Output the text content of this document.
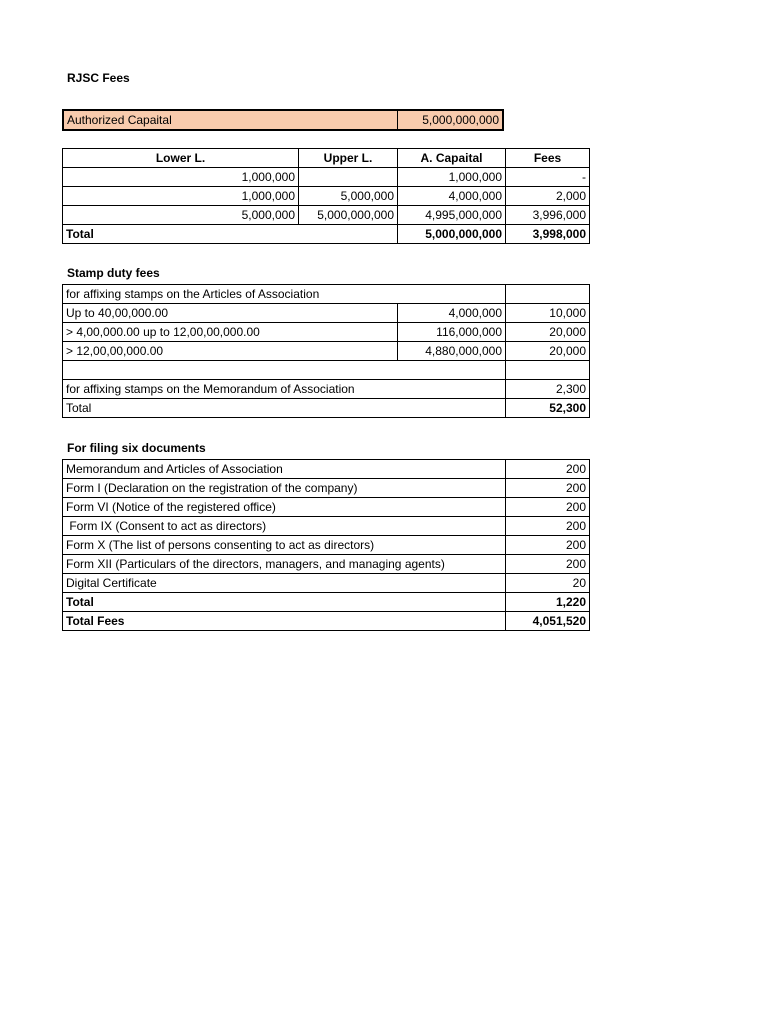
RJSC Fees
Authorized Capaital	5,000,000,000
Lower L.	Upper L.	A. Capaital	Fees
1,000,000		1,000,000	-
1,000,000	5,000,000	4,000,000	2,000
5,000,000	5,000,000,000	4,995,000,000	3,996,000
Total		5,000,000,000	3,998,000
Stamp duty fees
for affixing stamps on the Articles of Association		
Up to 40,00,000.00	4,000,000	10,000
> 4,00,000.00 up to 12,00,00,000.00	116,000,000	20,000
> 12,00,00,000.00	4,880,000,000	20,000

for affixing stamps on the Memorandum of Association		2,300
Total		52,300
For filing six documents
Memorandum and Articles of Association	200
Form I (Declaration on the registration of the company)	200
Form VI (Notice of the registered office)	200
Form IX (Consent to act as directors)	200
Form X (The list of persons consenting to act as directors)	200
Form XII (Particulars of the directors, managers, and managing agents)	200
Digital Certificate	20
Total	1,220
Total Fees	4,051,520
